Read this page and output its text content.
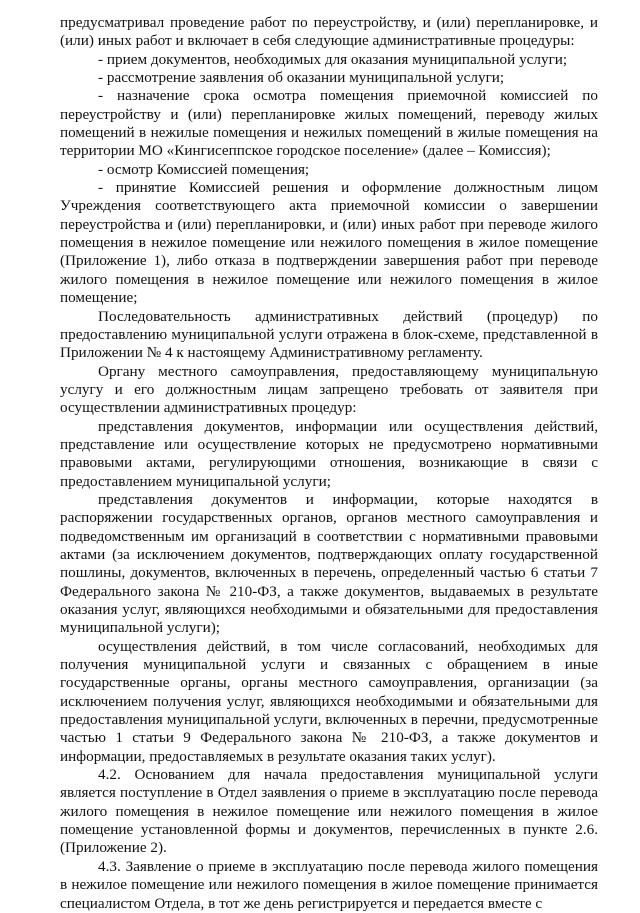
предусматривал проведение работ по переустройству, и (или) перепланировке, и (или) иных работ и включает в себя следующие административные процедуры:

- прием документов, необходимых для оказания муниципальной услуги;

- рассмотрение заявления об оказании муниципальной услуги;

- назначение срока осмотра помещения приемочной комиссией по переустройству и (или) перепланировке жилых помещений, переводу жилых помещений в нежилые помещения и нежилых помещений в жилые помещения на территории МО «Кингисеппское городское поселение» (далее – Комиссия);

- осмотр Комиссией помещения;

- принятие Комиссией решения и оформление должностным лицом Учреждения соответствующего акта приемочной комиссии о завершении переустройства и (или) перепланировки, и (или) иных работ при переводе жилого помещения в нежилое помещение или нежилого помещения в жилое помещение (Приложение 1), либо отказа в подтверждении завершения работ при переводе жилого помещения в нежилое помещение или нежилого помещения в жилое помещение;

Последовательность административных действий (процедур) по предоставлению муниципальной услуги отражена в блок-схеме, представленной в Приложении № 4 к настоящему Административному регламенту.

Органу местного самоуправления, предоставляющему муниципальную услугу и его должностным лицам запрещено требовать от заявителя при осуществлении административных процедур:

представления документов, информации или осуществления действий, представление или осуществление которых не предусмотрено нормативными правовыми актами, регулирующими отношения, возникающие в связи с предоставлением муниципальной услуги;

представления документов и информации, которые находятся в распоряжении государственных органов, органов местного самоуправления и подведомственным им организаций в соответствии с нормативными правовыми актами (за исключением документов, подтверждающих оплату государственной пошлины, документов, включенных в перечень, определенный частью 6 статьи 7 Федерального закона № 210-ФЗ, а также документов, выдаваемых в результате оказания услуг, являющихся необходимыми и обязательными для предоставления муниципальной услуги);

осуществления действий, в том числе согласований, необходимых для получения муниципальной услуги и связанных с обращением в иные государственные органы, органы местного самоуправления, организации (за исключением получения услуг, являющихся необходимыми и обязательными для предоставления муниципальной услуги, включенных в перечни, предусмотренные частью 1 статьи 9 Федерального закона № 210-ФЗ, а также документов и информации, предоставляемых в результате оказания таких услуг).

4.2. Основанием для начала предоставления муниципальной услуги является поступление в Отдел заявления о приеме в эксплуатацию после перевода жилого помещения в нежилое помещение или нежилого помещения в жилое помещение установленной формы и документов, перечисленных в пункте 2.6. (Приложение 2).

4.3. Заявление о приеме в эксплуатацию после перевода жилого помещения в нежилое помещение или нежилого помещения в жилое помещение принимается специалистом Отдела, в тот же день регистрируется и передается вместе с
